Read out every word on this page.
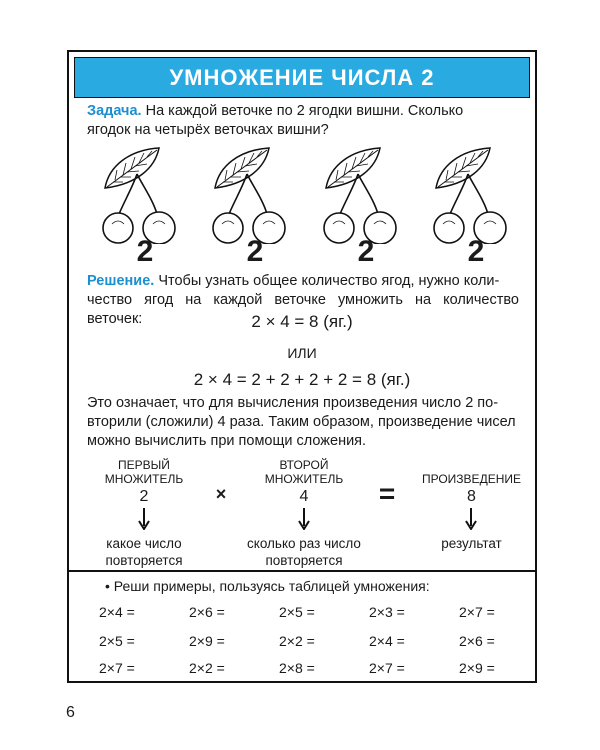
УМНОЖЕНИЕ ЧИСЛА 2
Задача. На каждой веточке по 2 ягодки вишни. Сколько
ягодок на четырёх веточках вишни?
2	2	2	2
Решение. Чтобы узнать общее количество ягод, нужно коли-
чество ягод на каждой веточке умножить на количество веточек:	2 × 4 = 8 (яг.)
ИЛИ
2 × 4 = 2 + 2 + 2 + 2 = 8 (яг.)
Это означает, что для вычисления произведения число 2 по-
вторили (сложили) 4 раза. Таким образом, произведение чисел
можно вычислить при помощи сложения.
ПЕРВЫЙ
МНОЖИТЕЛЬ
2	×
ВТОРОЙ
МНОЖИТЕЛЬ
4	=	ПРОИЗВЕДЕНИЕ
8
какое число
повторяется
сколько раз число
повторяется
результат
• Реши примеры, пользуясь таблицей умножения:
2×4 =	2×6 =	2×5 =	2×3 =	2×7 =
2×5 =	2×9 =	2×2 =	2×4 =	2×6 =
2×7 =	2×2 =	2×8 =	2×7 =	2×9 =
6
